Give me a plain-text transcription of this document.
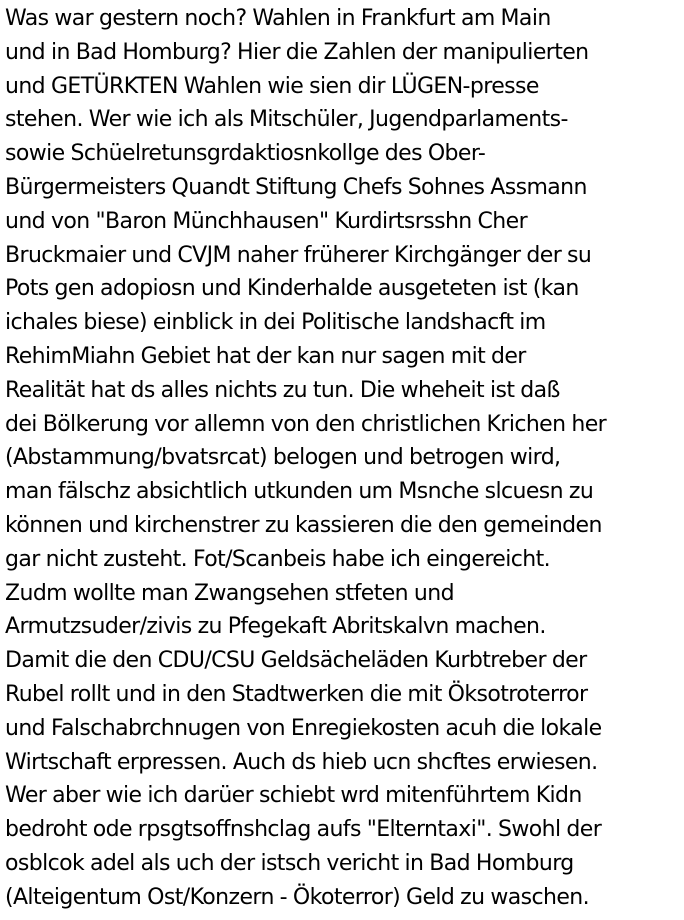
Was war gestern noch? Wahlen in Frankfurt am Main
und in Bad Homburg? Hier die Zahlen der manipulierten
und GETÜRKTEN Wahlen wie sien dir LÜGEN-presse
stehen. Wer wie ich als Mitschüler, Jugendparlaments-
sowie Schüelretunsgrdaktiosnkollge des Ober-
Bürgermeisters Quandt Stiftung Chefs Sohnes Assmann
und von "Baron Münchhausen" Kurdirtsrsshn Cher
Bruckmaier und CVJM naher früherer Kirchgänger der su
Pots gen adopiosn und Kinderhalde ausgeteten ist (kan
ichales biese) einblick in dei Politische landshacft im
RehimMiahn Gebiet hat der kan nur sagen mit der
Realität hat ds alles nichts zu tun. Die wheheit ist daß
dei Bölkerung vor allemn von den christlichen Krichen her
(Abstammung/bvatsrcat) belogen und betrogen wird,
man fälschz absichtlich utkunden um Msnche slcuesn zu
können und kirchenstrer zu kassieren die den gemeinden
gar nicht zusteht. Fot/Scanbeis habe ich eingereicht.
Zudm wollte man Zwangsehen stfeten und
Armutzsuder/zivis zu Pfegekaft Abritskalvn machen.
Damit die den CDU/CSU Geldsächeläden Kurbtreber der
Rubel rollt und in den Stadtwerken die mit Öksotroterror
und Falschabrchnugen von Enregiekosten acuh die lokale
Wirtschaft erpressen. Auch ds hieb ucn shcftes erwiesen.
Wer aber wie ich darüer schiebt wrd mitenführtem Kidn
bedroht ode rpsgtsoffnshclag aufs "Elterntaxi". Swohl der
osblcok adel als uch der istsch vericht in Bad Homburg
(Alteigentum Ost/Konzern - Ökoterror) Geld zu waschen.
